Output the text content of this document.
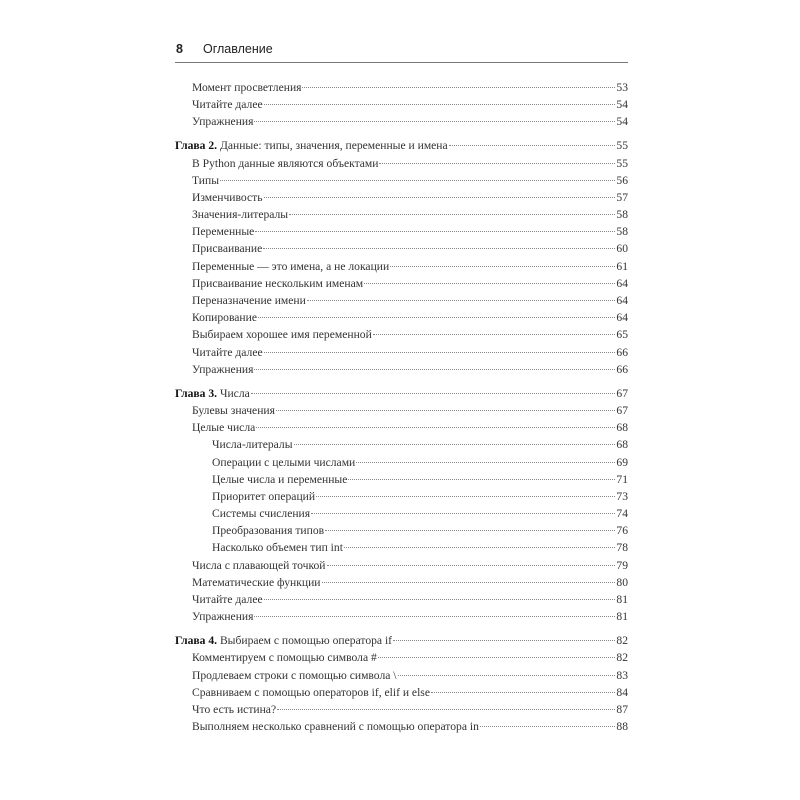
8 Оглавление
Момент просветления	53
Читайте далее	54
Упражнения	54
Глава 2. Данные: типы, значения, переменные и имена	55
В Python данные являются объектами	55
Типы	56
Изменчивость	57
Значения-литералы	58
Переменные	58
Присваивание	60
Переменные — это имена, а не локации	61
Присваивание нескольким именам	64
Переназначение имени	64
Копирование	64
Выбираем хорошее имя переменной	65
Читайте далее	66
Упражнения	66
Глава 3. Числа	67
Булевы значения	67
Целые числа	68
Числа-литералы	68
Операции с целыми числами	69
Целые числа и переменные	71
Приоритет операций	73
Системы счисления	74
Преобразования типов	76
Насколько объемен тип int	78
Числа с плавающей точкой	79
Математические функции	80
Читайте далее	81
Упражнения	81
Глава 4. Выбираем с помощью оператора if	82
Комментируем с помощью символа #	82
Продлеваем строки с помощью символа \	83
Сравниваем с помощью операторов if, elif и else	84
Что есть истина?	87
Выполняем несколько сравнений с помощью оператора in	88
